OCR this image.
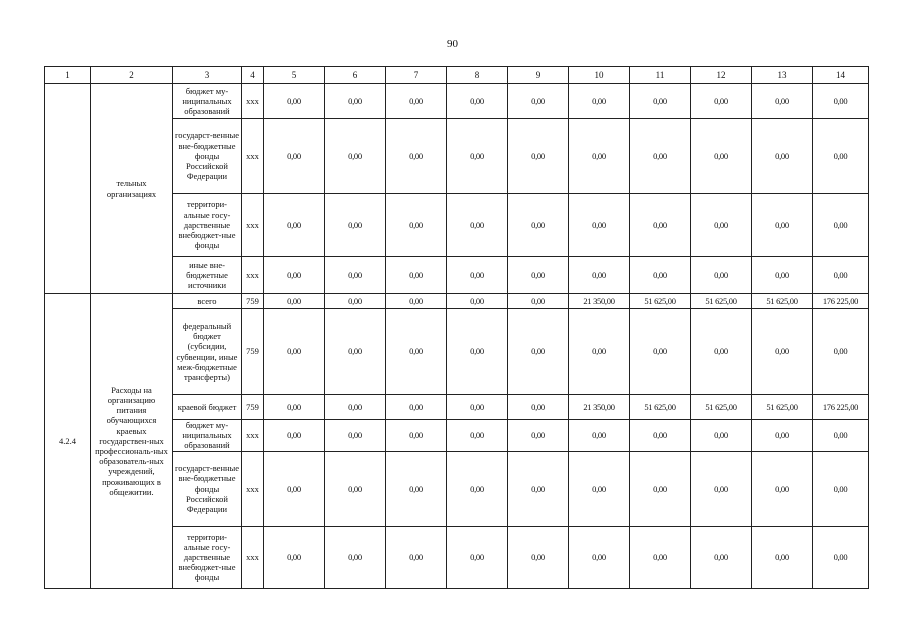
90
1	2	3	4	5	6	7	8	9	10	11	12	13	14
	тельных организациях	бюджет му-ниципальных образований	xxx	0,00	0,00	0,00	0,00	0,00	0,00	0,00	0,00	0,00	0,00
		государст-венные вне-бюджетные фонды Российской Федерации	xxx	0,00	0,00	0,00	0,00	0,00	0,00	0,00	0,00	0,00	0,00
		территори-альные госу-дарственные внебюджет-ные фонды	xxx	0,00	0,00	0,00	0,00	0,00	0,00	0,00	0,00	0,00	0,00
		иные вне-бюджетные источники	xxx	0,00	0,00	0,00	0,00	0,00	0,00	0,00	0,00	0,00	0,00
4.2.4	Расходы на организацию питания обучающихся краевых государствен-ных профессиональ-ных образователь-ных учреждений, проживающих в общежитии.	всего	759	0,00	0,00	0,00	0,00	0,00	21 350,00	51 625,00	51 625,00	51 625,00	176 225,00
		федеральный бюджет (субсидии, субвенции, иные меж-бюджетные трансферты)	759	0,00	0,00	0,00	0,00	0,00	0,00	0,00	0,00	0,00	0,00
		краевой бюджет	759	0,00	0,00	0,00	0,00	0,00	21 350,00	51 625,00	51 625,00	51 625,00	176 225,00
		бюджет му-ниципальных образований	xxx	0,00	0,00	0,00	0,00	0,00	0,00	0,00	0,00	0,00	0,00
		государст-венные вне-бюджетные фонды Российской Федерации	xxx	0,00	0,00	0,00	0,00	0,00	0,00	0,00	0,00	0,00	0,00
		территори-альные госу-дарственные внебюджет-ные фонды	xxx	0,00	0,00	0,00	0,00	0,00	0,00	0,00	0,00	0,00	0,00
